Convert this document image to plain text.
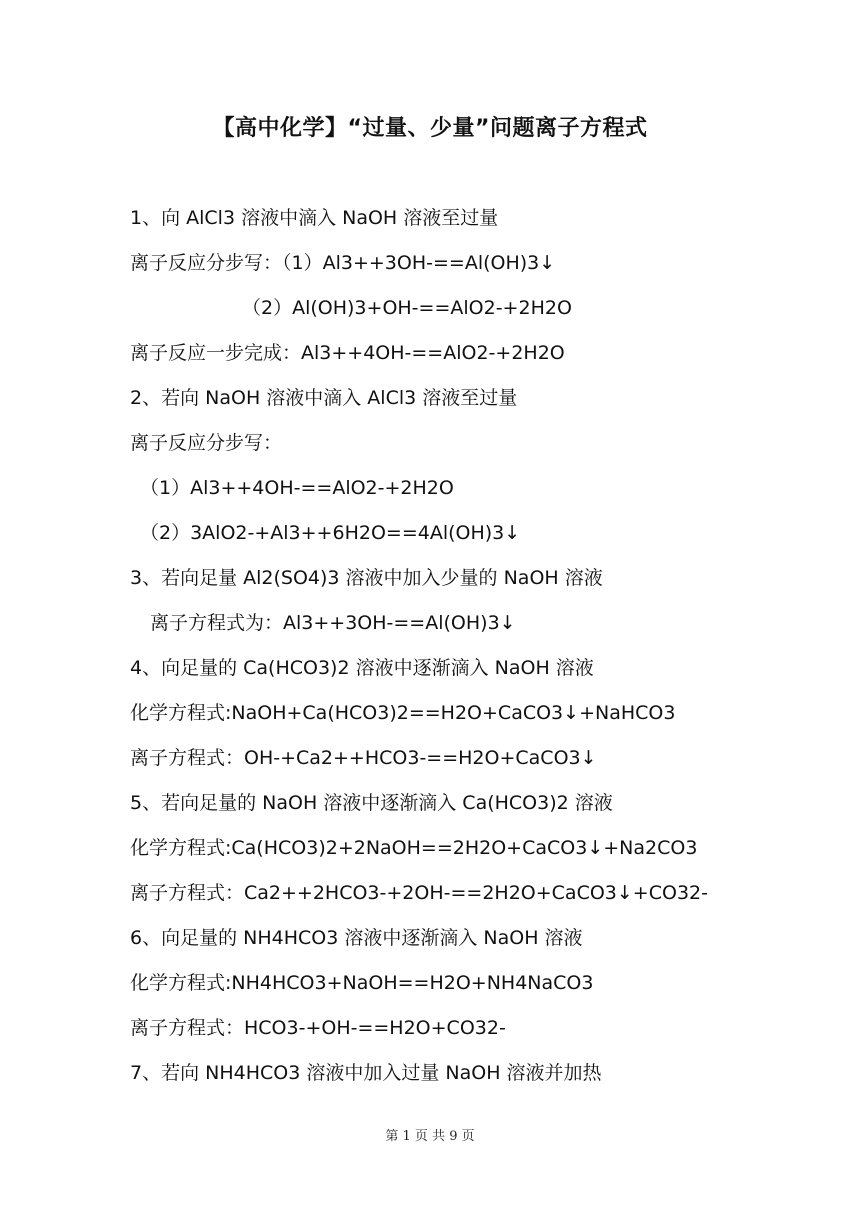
【高中化学】“过量、少量”问题离子方程式
1、向 AlCl3 溶液中滴入 NaOH 溶液至过量
离子反应分步写：（1）Al3++3OH-==Al(OH)3↓
（2）Al(OH)3+OH-==AlO2-+2H2O
离子反应一步完成：Al3++4OH-==AlO2-+2H2O
2、若向 NaOH 溶液中滴入 AlCl3 溶液至过量
离子反应分步写：
（1）Al3++4OH-==AlO2-+2H2O
（2）3AlO2-+Al3++6H2O==4Al(OH)3↓
3、若向足量 Al2(SO4)3 溶液中加入少量的 NaOH 溶液
离子方程式为：Al3++3OH-==Al(OH)3↓
4、向足量的 Ca(HCO3)2 溶液中逐渐滴入 NaOH 溶液
化学方程式:NaOH+Ca(HCO3)2==H2O+CaCO3↓+NaHCO3
离子方程式：OH-+Ca2++HCO3-==H2O+CaCO3↓
5、若向足量的 NaOH 溶液中逐渐滴入 Ca(HCO3)2 溶液
化学方程式:Ca(HCO3)2+2NaOH==2H2O+CaCO3↓+Na2CO3
离子方程式：Ca2++2HCO3-+2OH-==2H2O+CaCO3↓+CO32-
6、向足量的 NH4HCO3 溶液中逐渐滴入 NaOH 溶液
化学方程式:NH4HCO3+NaOH==H2O+NH4NaCO3
离子方程式：HCO3-+OH-==H2O+CO32-
7、若向 NH4HCO3 溶液中加入过量 NaOH 溶液并加热
第 1 页 共 9 页
